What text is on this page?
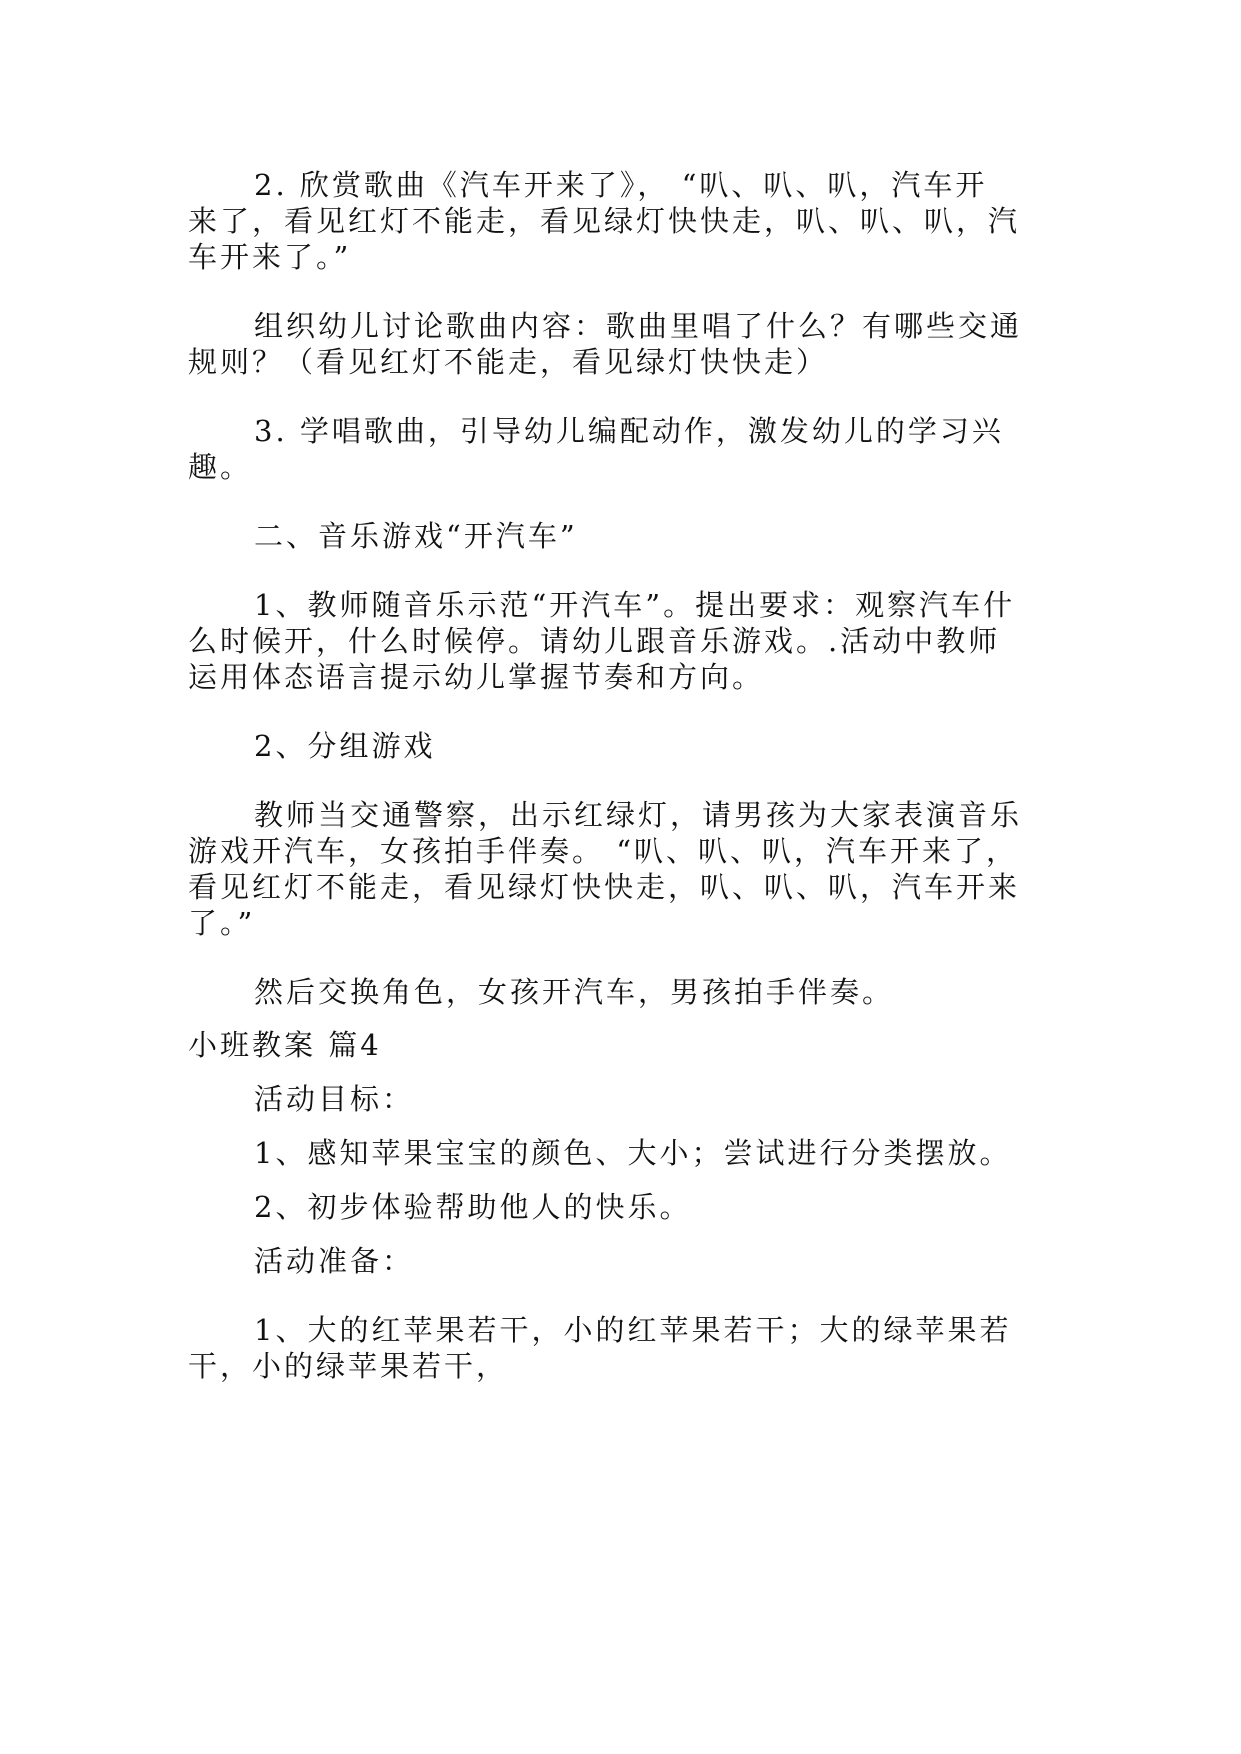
2. 欣赏歌曲《汽车开来了》， “叭、叭、叭，汽车开
来了，看见红灯不能走，看见绿灯快快走，叭、叭、叭，汽
车开来了。”
组织幼儿讨论歌曲内容：歌曲里唱了什么？有哪些交通
规则？（看见红灯不能走，看见绿灯快快走）
3. 学唱歌曲，引导幼儿编配动作，激发幼儿的学习兴
趣。
二、音乐游戏“开汽车”
1、教师随音乐示范“开汽车”。提出要求：观察汽车什
么时候开，什么时候停。请幼儿跟音乐游戏。.活动中教师
运用体态语言提示幼儿掌握节奏和方向。
2、分组游戏
教师当交通警察，出示红绿灯，请男孩为大家表演音乐
游戏开汽车，女孩拍手伴奏。 “叭、叭、叭，汽车开来了，
看见红灯不能走，看见绿灯快快走，叭、叭、叭，汽车开来
了。”
然后交换角色，女孩开汽车，男孩拍手伴奏。
小班教案 篇4
活动目标：
1、感知苹果宝宝的颜色、大小；尝试进行分类摆放。
2、初步体验帮助他人的快乐。
活动准备：
1、大的红苹果若干，小的红苹果若干；大的绿苹果若
干，小的绿苹果若干，
